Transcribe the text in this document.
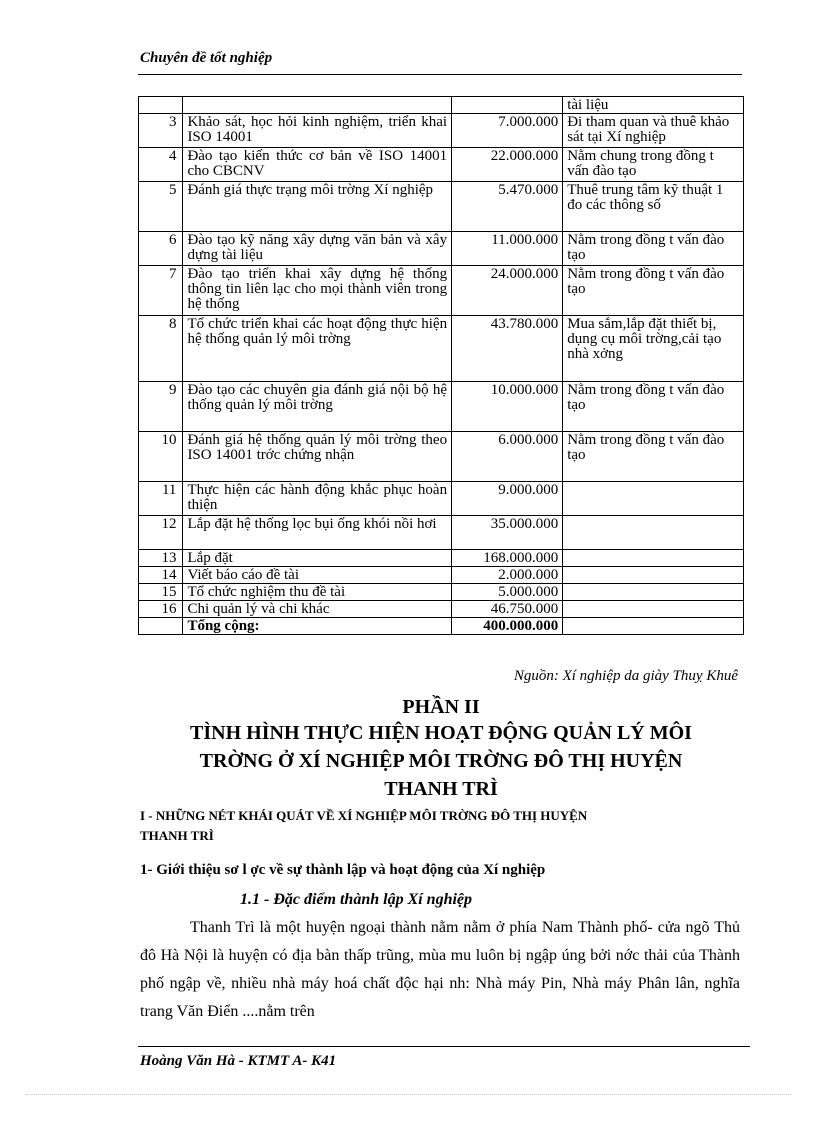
Chuyên đề tốt nghiệp
			tài liệu
3	Khảo sát, học hỏi kinh nghiệm, triển khai ISO 14001	7.000.000	Đi tham quan và thuê khảo sát tại Xí nghiệp
4	Đào tạo kiến thức cơ bản về ISO 14001 cho CBCNV	22.000.000	Nằm chung trong đồng t vấn đào tạo
5	Đánh giá thực trạng môi trờng Xí nghiệp	5.470.000	Thuê trung tâm kỹ thuật 1 đo các thông số
6	Đào tạo kỹ năng xây dựng văn bản và xây dựng tài liệu	11.000.000	Nằm trong đồng t vấn đào tạo
7	Đào tạo triển khai xây dựng hệ thống thông tin liên lạc cho mọi thành viên trong hệ thống	24.000.000	Nằm trong đồng t vấn đào tạo
8	Tổ chức triển khai các hoạt động thực hiện hệ thống quản lý môi trờng	43.780.000	Mua sắm,lắp đặt thiết bị, dụng cụ môi trờng,cải tạo nhà xởng
9	Đào tạo các chuyên gia đánh giá nội bộ hệ thống quản lý môi trờng	10.000.000	Nằm trong đồng t vấn đào tạo
10	Đánh giá hệ thống quản lý môi trờng theo ISO 14001 trớc chứng nhận	6.000.000	Nằm trong đồng t vấn đào tạo
11	Thực hiện các hành động khắc phục hoàn thiện	9.000.000	
12	Lắp đặt hệ thống lọc bụi ống khói nồi hơi	35.000.000	
13	Lắp đặt	168.000.000	
14	Viết báo cáo đề tài	2.000.000	
15	Tổ chức nghiệm thu đề tài	5.000.000	
16	Chi quản lý và chi khác	46.750.000	
	Tổng cộng:	400.000.000	
Nguồn: Xí nghiệp da giày Thuỵ Khuê
PHẦN II
TÌNH HÌNH THỰC HIỆN HOẠT ĐỘNG QUẢN LÝ MÔI
TRỜNG Ở XÍ NGHIỆP MÔI TRỜNG ĐÔ THỊ HUYỆN
THANH TRÌ
I - NHỮNG NÉT KHÁI QUÁT VỀ XÍ NGHIỆP MÔI TRỜNG ĐÔ THỊ HUYỆN
THANH TRÌ
1- Giới thiệu sơ l ợc về sự thành lập và hoạt động của Xí nghiệp
1.1 - Đặc điểm thành lập Xí nghiệp
Thanh Trì là một huyện ngoại thành nằm nằm ở phía Nam Thành phố- cửa ngõ Thủ đô Hà Nội là huyện có địa bàn thấp trũng, mùa mu luôn bị ngập úng bởi nớc thải của Thành phố ngập về, nhiều nhà máy hoá chất độc hại nh: Nhà máy Pin, Nhà máy Phân lân, nghĩa trang Văn Điển ....nằm trên
Hoàng Văn Hà - KTMT A- K41
